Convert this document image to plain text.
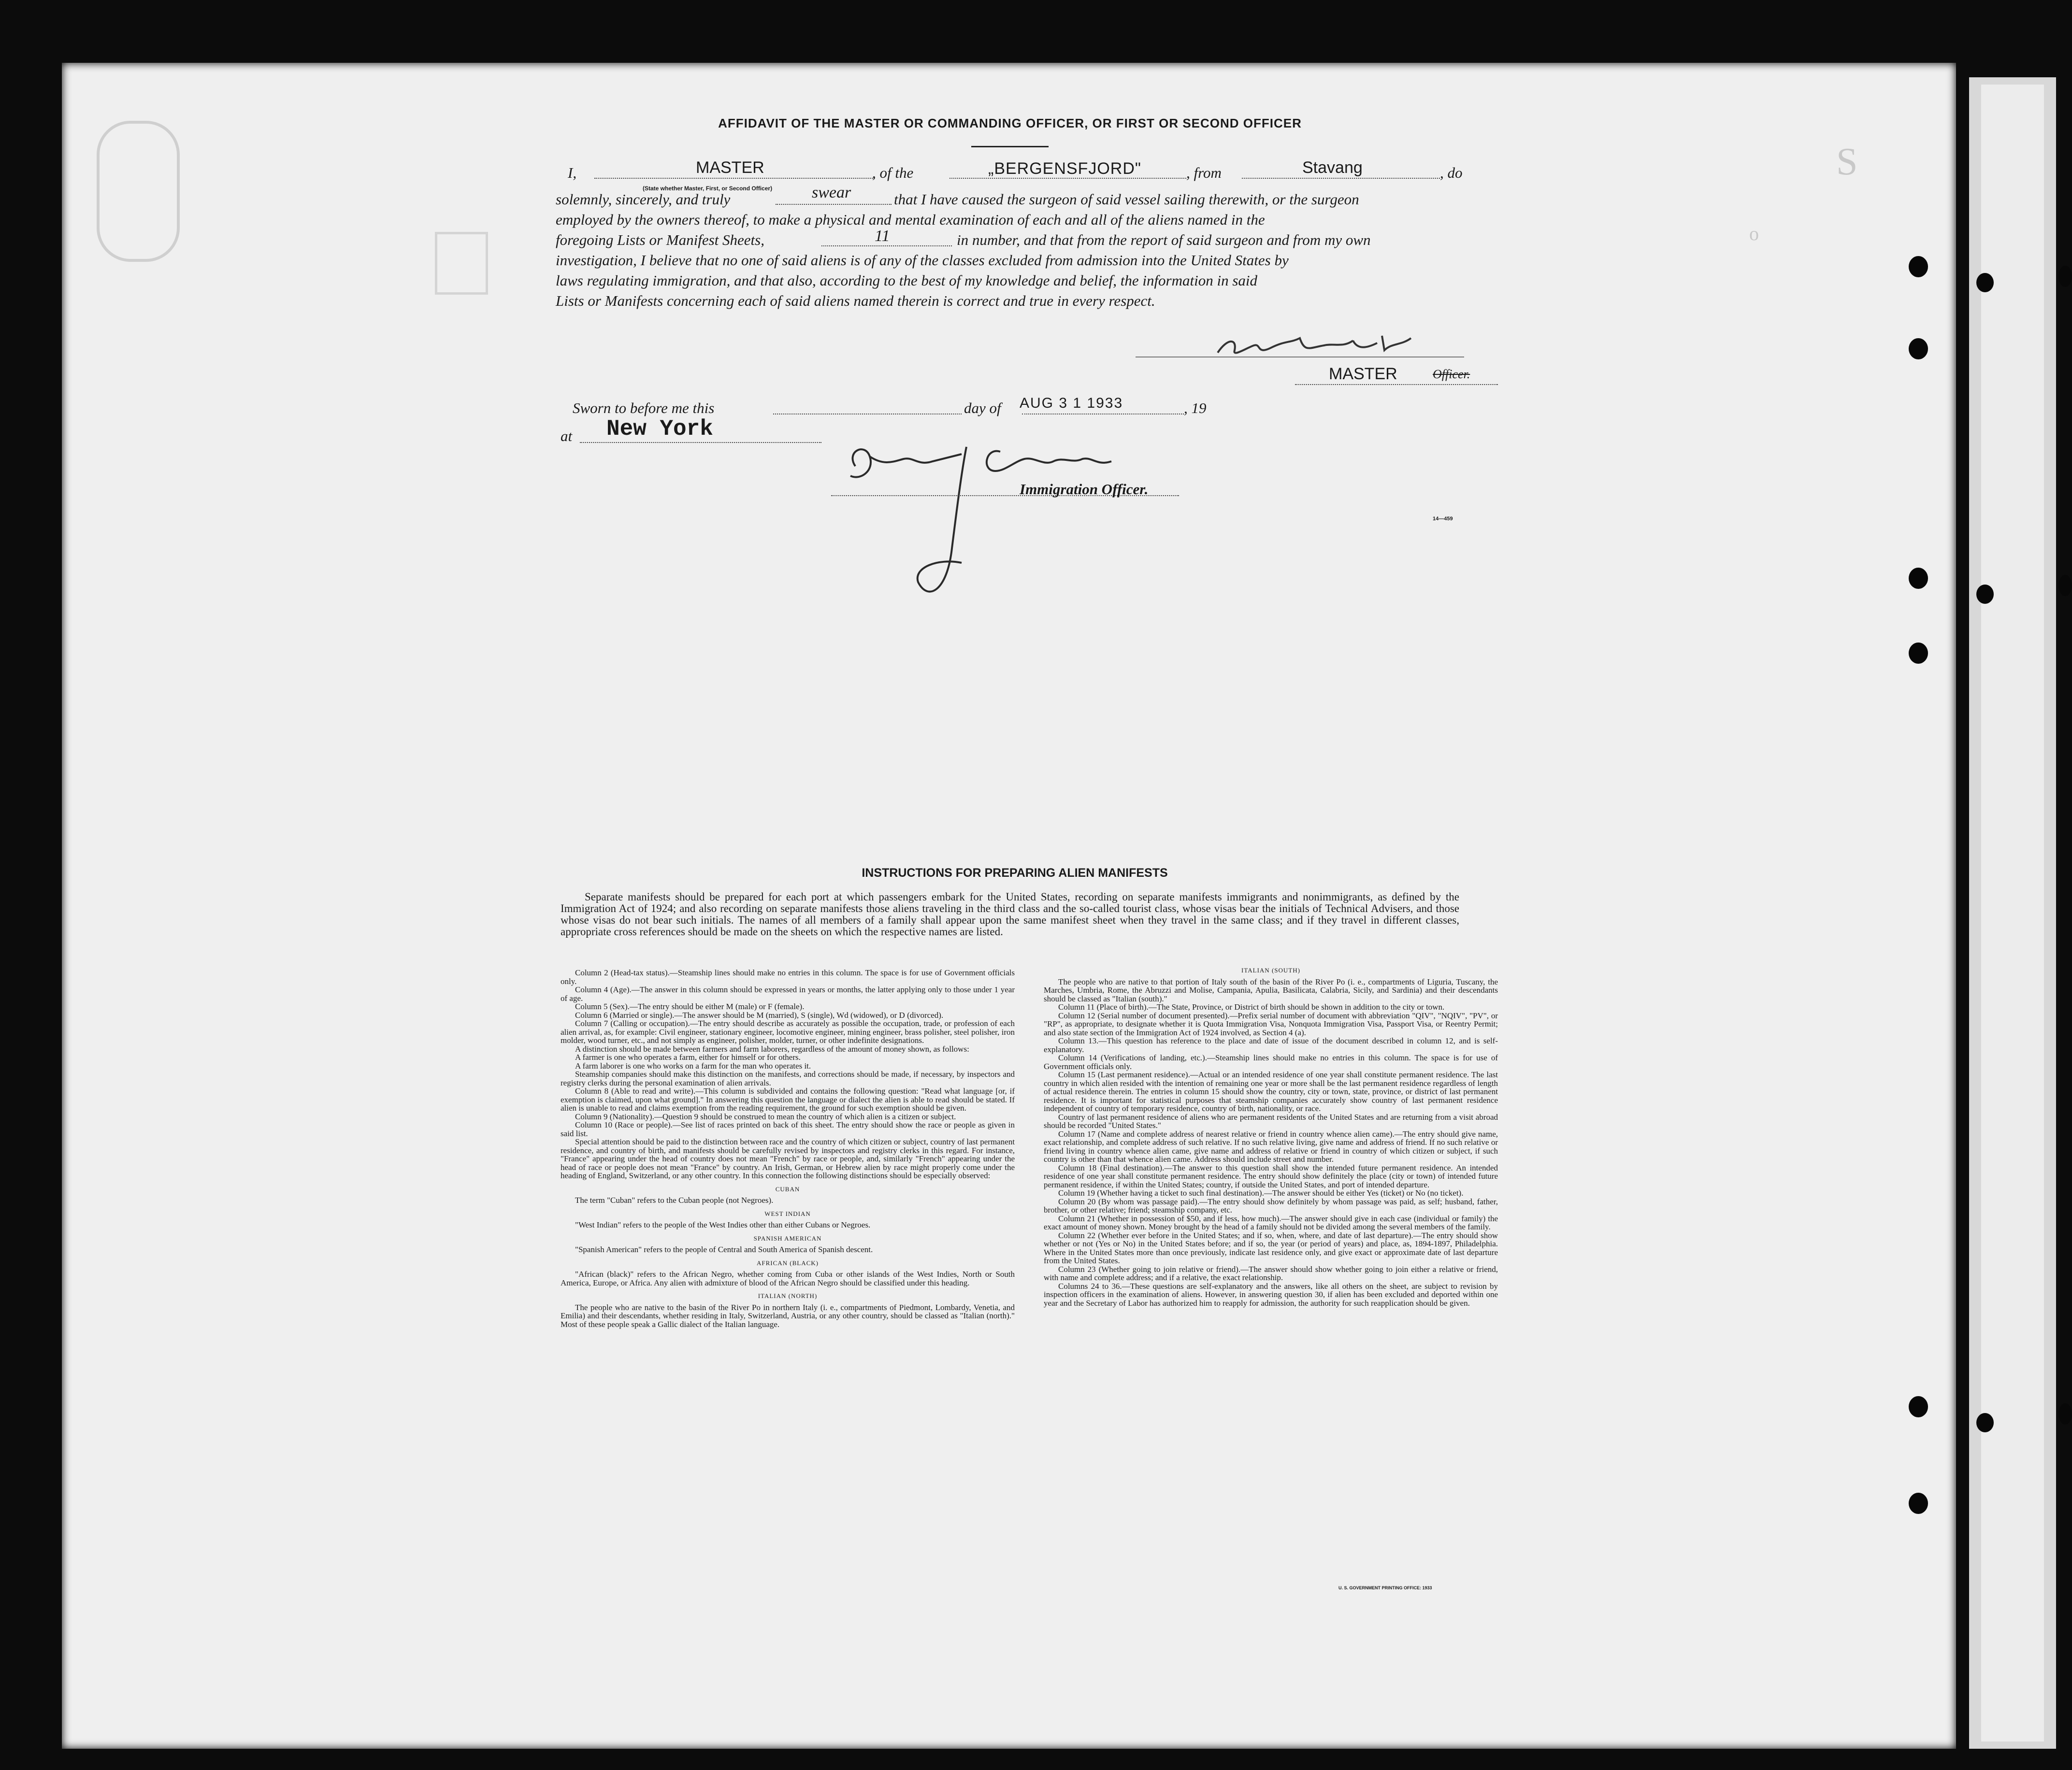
S
o
AFFIDAVIT OF THE MASTER OR COMMANDING OFFICER, OR FIRST OR SECOND OFFICER
I,	MASTER	, of the	„BERGENSFJORD"	, from	Stavang	, do
(State whether Master, First, or Second Officer)
solemnly, sincerely, and truly	swear	that I have caused the surgeon of said vessel sailing therewith, or the surgeon
employed by the owners thereof, to make a physical and mental examination of each and all of the aliens named in the
foregoing Lists or Manifest Sheets,	11	in number, and that from the report of said surgeon and from my own
investigation, I believe that no one of said aliens is of any of the classes excluded from admission into the United States by
laws regulating immigration, and that also, according to the best of my knowledge and belief, the information in said
Lists or Manifests concerning each of said aliens named therein is correct and true in every respect.
MASTER	Officer.
Sworn to before me this	day of AUG 3 1 1933	, 19
at New York
Immigration Officer.
14—459
INSTRUCTIONS FOR PREPARING ALIEN MANIFESTS
Separate manifests should be prepared for each port at which passengers embark for the United States, recording on separate manifests immigrants and nonimmigrants, as defined by the Immigration Act of 1924; and also recording on separate manifests those aliens traveling in the third class and the so-called tourist class, whose visas bear the initials of Technical Advisers, and those whose visas do not bear such initials. The names of all members of a family shall appear upon the same manifest sheet when they travel in the same class; and if they travel in different classes, appropriate cross references should be made on the sheets on which the respective names are listed.

Column 2 (Head-tax status).—Steamship lines should make no entries in this column. The space is for use of Government officials only.

Column 4 (Age).—The answer in this column should be expressed in years or months, the latter applying only to those under 1 year of age.

Column 5 (Sex).—The entry should be either M (male) or F (female).

Column 6 (Married or single).—The answer should be M (married), S (single), Wd (widowed), or D (divorced).

Column 7 (Calling or occupation).—The entry should describe as accurately as possible the occupation, trade, or profession of each alien arrival, as, for example: Civil engineer, stationary engineer, locomotive engineer, mining engineer, brass polisher, steel polisher, iron molder, wood turner, etc., and not simply as engineer, polisher, molder, turner, or other indefinite designations.

A distinction should be made between farmers and farm laborers, regardless of the amount of money shown, as follows:

A farmer is one who operates a farm, either for himself or for others.

A farm laborer is one who works on a farm for the man who operates it.

Steamship companies should make this distinction on the manifests, and corrections should be made, if necessary, by inspectors and registry clerks during the personal examination of alien arrivals.

Column 8 (Able to read and write).—This column is subdivided and contains the following question: "Read what language [or, if exemption is claimed, upon what ground]." In answering this question the language or dialect the alien is able to read should be stated. If alien is unable to read and claims exemption from the reading requirement, the ground for such exemption should be given.

Column 9 (Nationality).—Question 9 should be construed to mean the country of which alien is a citizen or subject.

Column 10 (Race or people).—See list of races printed on back of this sheet. The entry should show the race or people as given in said list.

Special attention should be paid to the distinction between race and the country of which citizen or subject, country of last permanent residence, and country of birth, and manifests should be carefully revised by inspectors and registry clerks in this regard. For instance, "France" appearing under the head of country does not mean "French" by race or people, and, similarly "French" appearing under the head of race or people does not mean "France" by country. An Irish, German, or Hebrew alien by race might properly come under the heading of England, Switzerland, or any other country. In this connection the following distinctions should be especially observed:

CUBAN

The term "Cuban" refers to the Cuban people (not Negroes).

WEST INDIAN

"West Indian" refers to the people of the West Indies other than either Cubans or Negroes.

SPANISH AMERICAN

"Spanish American" refers to the people of Central and South America of Spanish descent.

AFRICAN (BLACK)

"African (black)" refers to the African Negro, whether coming from Cuba or other islands of the West Indies, North or South America, Europe, or Africa. Any alien with admixture of blood of the African Negro should be classified under this heading.

ITALIAN (NORTH)

The people who are native to the basin of the River Po in northern Italy (i. e., compartments of Piedmont, Lombardy, Venetia, and Emilia) and their descendants, whether residing in Italy, Switzerland, Austria, or any other country, should be classed as "Italian (north)." Most of these people speak a Gallic dialect of the Italian language.

ITALIAN (SOUTH)

The people who are native to that portion of Italy south of the basin of the River Po (i. e., compartments of Liguria, Tuscany, the Marches, Umbria, Rome, the Abruzzi and Molise, Campania, Apulia, Basilicata, Calabria, Sicily, and Sardinia) and their descendants should be classed as "Italian (south)."

Column 11 (Place of birth).—The State, Province, or District of birth should be shown in addition to the city or town.

Column 12 (Serial number of document presented).—Prefix serial number of document with abbreviation "QIV", "NQIV", "PV", or "RP", as appropriate, to designate whether it is Quota Immigration Visa, Nonquota Immigration Visa, Passport Visa, or Reentry Permit; and also state section of the Immigration Act of 1924 involved, as Section 4 (a).

Column 13.—This question has reference to the place and date of issue of the document described in column 12, and is self-explanatory.

Column 14 (Verifications of landing, etc.).—Steamship lines should make no entries in this column. The space is for use of Government officials only.

Column 15 (Last permanent residence).—Actual or an intended residence of one year shall constitute permanent residence. The last country in which alien resided with the intention of remaining one year or more shall be the last permanent residence regardless of length of actual residence therein. The entries in column 15 should show the country, city or town, state, province, or district of last permanent residence. It is important for statistical purposes that steamship companies accurately show country of last permanent residence independent of country of temporary residence, country of birth, nationality, or race.

Country of last permanent residence of aliens who are permanent residents of the United States and are returning from a visit abroad should be recorded "United States."

Column 17 (Name and complete address of nearest relative or friend in country whence alien came).—The entry should give name, exact relationship, and complete address of such relative. If no such relative living, give name and address of friend. If no such relative or friend living in country whence alien came, give name and address of relative or friend in country of which citizen or subject, if such country is other than that whence alien came. Address should include street and number.

Column 18 (Final destination).—The answer to this question shall show the intended future permanent residence. An intended residence of one year shall constitute permanent residence. The entry should show definitely the place (city or town) of intended future permanent residence, if within the United States; country, if outside the United States, and port of intended departure.

Column 19 (Whether having a ticket to such final destination).—The answer should be either Yes (ticket) or No (no ticket).

Column 20 (By whom was passage paid).—The entry should show definitely by whom passage was paid, as self; husband, father, brother, or other relative; friend; steamship company, etc.

Column 21 (Whether in possession of $50, and if less, how much).—The answer should give in each case (individual or family) the exact amount of money shown. Money brought by the head of a family should not be divided among the several members of the family.

Column 22 (Whether ever before in the United States; and if so, when, where, and date of last departure).—The entry should show whether or not (Yes or No) in the United States before; and if so, the year (or period of years) and place, as, 1894-1897, Philadelphia. Where in the United States more than once previously, indicate last residence only, and give exact or approximate date of last departure from the United States.

Column 23 (Whether going to join relative or friend).—The answer should show whether going to join either a relative or friend, with name and complete address; and if a relative, the exact relationship.

Columns 24 to 36.—These questions are self-explanatory and the answers, like all others on the sheet, are subject to revision by inspection officers in the examination of aliens. However, in answering question 30, if alien has been excluded and deported within one year and the Secretary of Labor has authorized him to reapply for admission, the authority for such reapplication should be given.

U. S. GOVERNMENT PRINTING OFFICE: 1933
